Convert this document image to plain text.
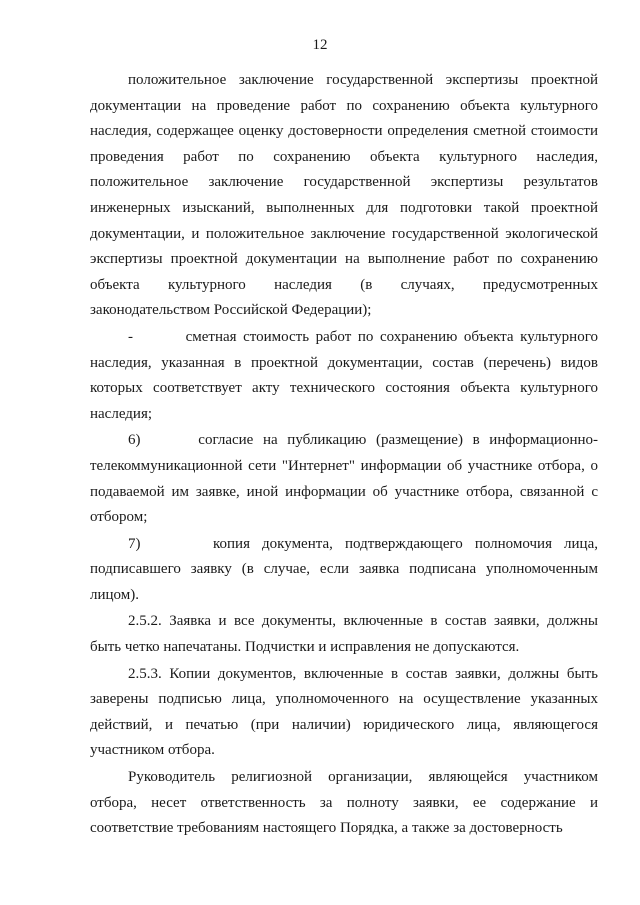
12

положительное заключение государственной экспертизы проектной документации на проведение работ по сохранению объекта культурного наследия, содержащее оценку достоверности определения сметной стоимости проведения работ по сохранению объекта культурного наследия, положительное заключение государственной экспертизы результатов инженерных изысканий, выполненных для подготовки такой проектной документации, и положительное заключение государственной экологической экспертизы проектной документации на выполнение работ по сохранению объекта культурного наследия (в случаях, предусмотренных законодательством Российской Федерации);

-        сметная стоимость работ по сохранению объекта культурного наследия, указанная в проектной документации, состав (перечень) видов которых соответствует акту технического состояния объекта культурного наследия;

6)      согласие на публикацию (размещение) в информационно-телекоммуникационной сети "Интернет" информации об участнике отбора, о подаваемой им заявке, иной информации об участнике отбора, связанной с отбором;

7)      копия документа, подтверждающего полномочия лица, подписавшего заявку (в случае, если заявка подписана уполномоченным лицом).

2.5.2. Заявка и все документы, включенные в состав заявки, должны быть четко напечатаны. Подчистки и исправления не допускаются.

2.5.3. Копии документов, включенные в состав заявки, должны быть заверены подписью лица, уполномоченного на осуществление указанных действий, и печатью (при наличии) юридического лица, являющегося участником отбора.

Руководитель религиозной организации, являющейся участником отбора, несет ответственность за полноту заявки, ее содержание и соответствие требованиям настоящего Порядка, а также за достоверность
